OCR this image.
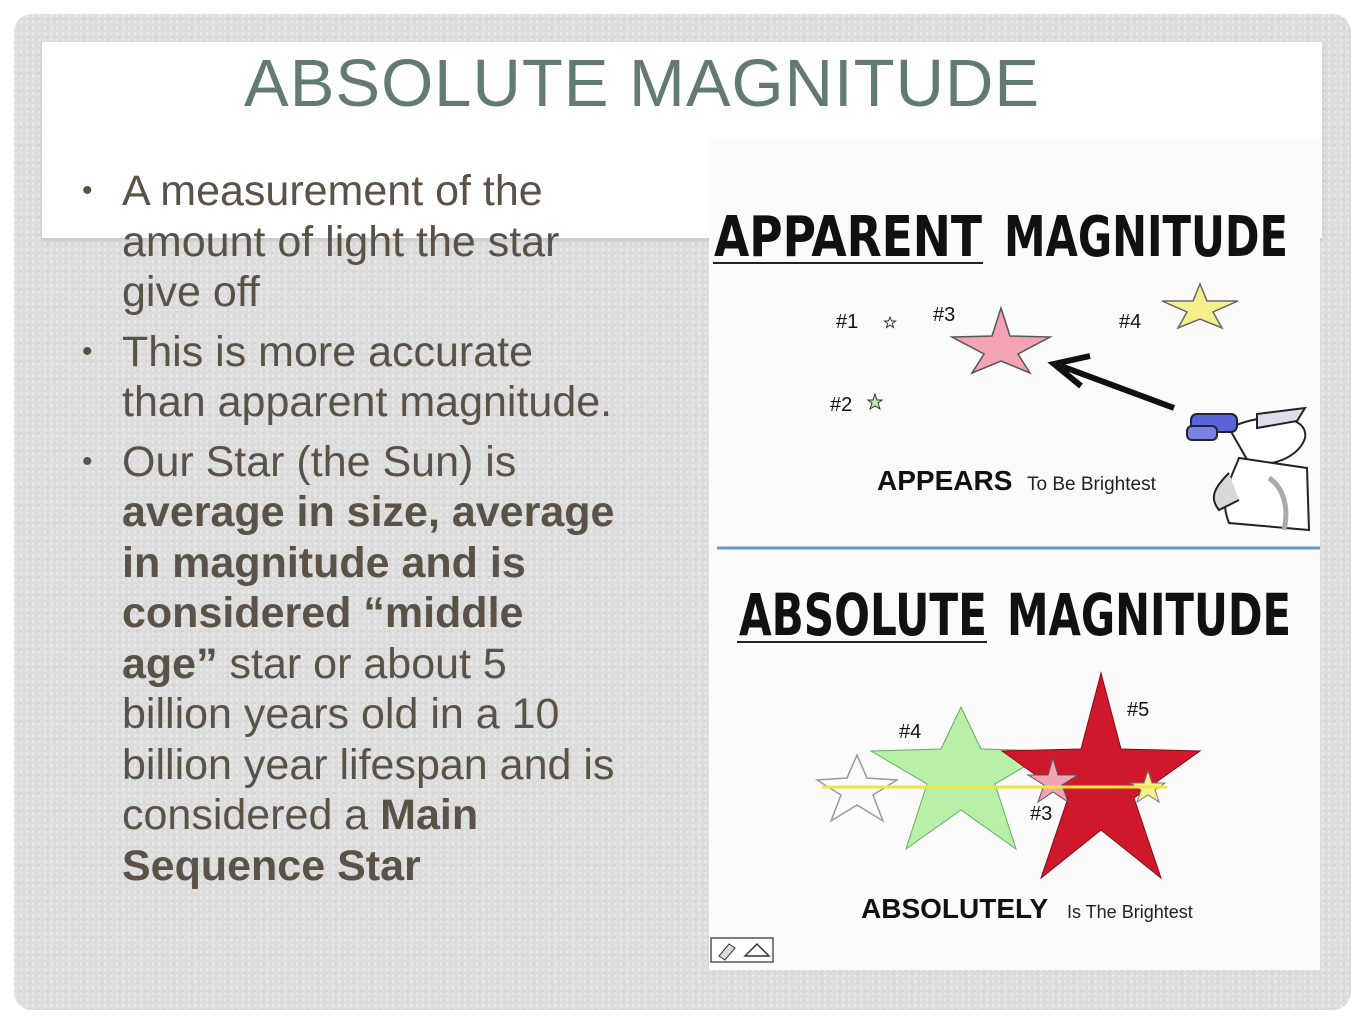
ABSOLUTE MAGNITUDE
• A measurement of the amount of light the star give off
• This is more accurate than apparent magnitude.
• Our Star (the Sun) is average in size, average in magnitude and is considered “middle age” star or about 5 billion years old in a 10 billion year lifespan and is considered a Main Sequence Star
APPARENT MAGNITUDE
#1	#3	#4
#2
APPEARS To Be Brightest
ABSOLUTE MAGNITUDE
#4
#5
#3
ABSOLUTELY Is The Brightest
